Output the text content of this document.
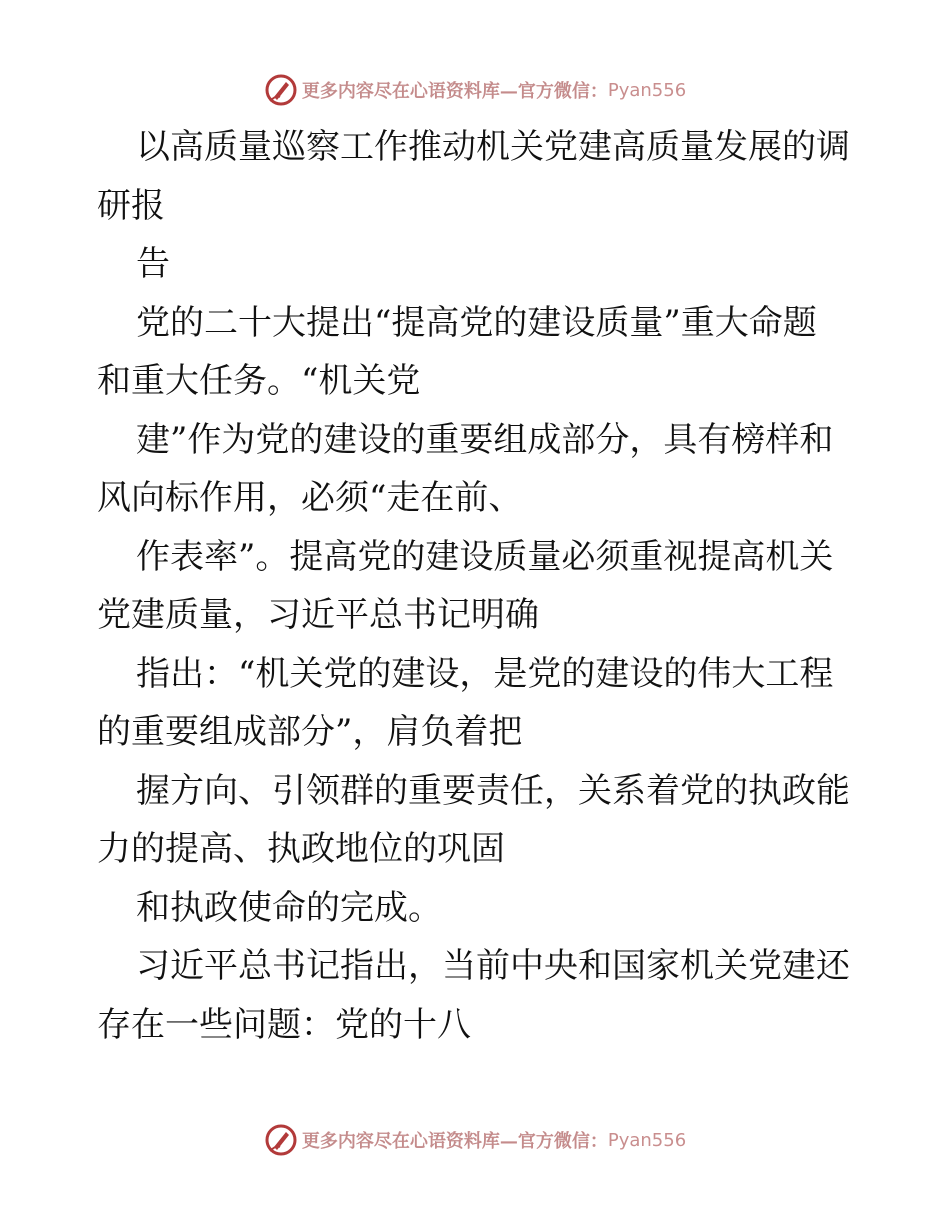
更多内容尽在心语资料库—官方微信： Pyan556
以高质量巡察工作推动机关党建高质量发展的调
研报
告
党的二十大提出“提高党的建设质量”重大命题
和重大任务。“机关党
建”作为党的建设的重要组成部分，具有榜样和
风向标作用，必须“走在前、
作表率”。提高党的建设质量必须重视提高机关
党建质量，习近平总书记明确
指出：“机关党的建设，是党的建设的伟大工程
的重要组成部分”，肩负着把
握方向、引领群的重要责任，关系着党的执政能
力的提高、执政地位的巩固
和执政使命的完成。
习近平总书记指出，当前中央和国家机关党建还
存在一些问题：党的十八
更多内容尽在心语资料库—官方微信： Pyan556
